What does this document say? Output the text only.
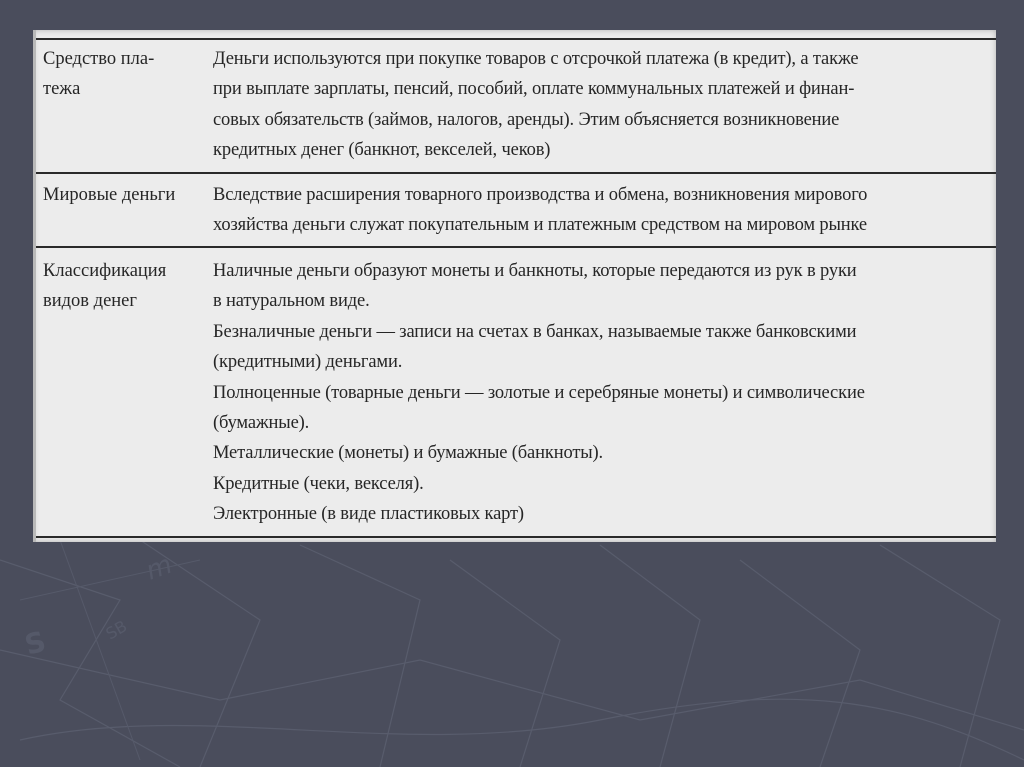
m
S	SB
Средство пла-
тежа
Деньги используются при покупке товаров с отсрочкой платежа (в кредит), а также
при выплате зарплаты, пенсий, пособий, оплате коммунальных платежей и финан-
совых обязательств (займов, налогов, аренды). Этим объясняется возникновение
кредитных денег (банкнот, векселей, чеков)
Мировые деньги	Вследствие расширения товарного производства и обмена, возникновения мирового
хозяйства деньги служат покупательным и платежным средством на мировом рынке
Классификация
видов денег
Наличные деньги образуют монеты и банкноты, которые передаются из рук в руки
в натуральном виде.
Безналичные деньги — записи на счетах в банках, называемые также банковскими
(кредитными) деньгами.
Полноценные (товарные деньги — золотые и серебряные монеты) и символические
(бумажные).
Металлические (монеты) и бумажные (банкноты).
Кредитные (чеки, векселя).
Электронные (в виде пластиковых карт)
